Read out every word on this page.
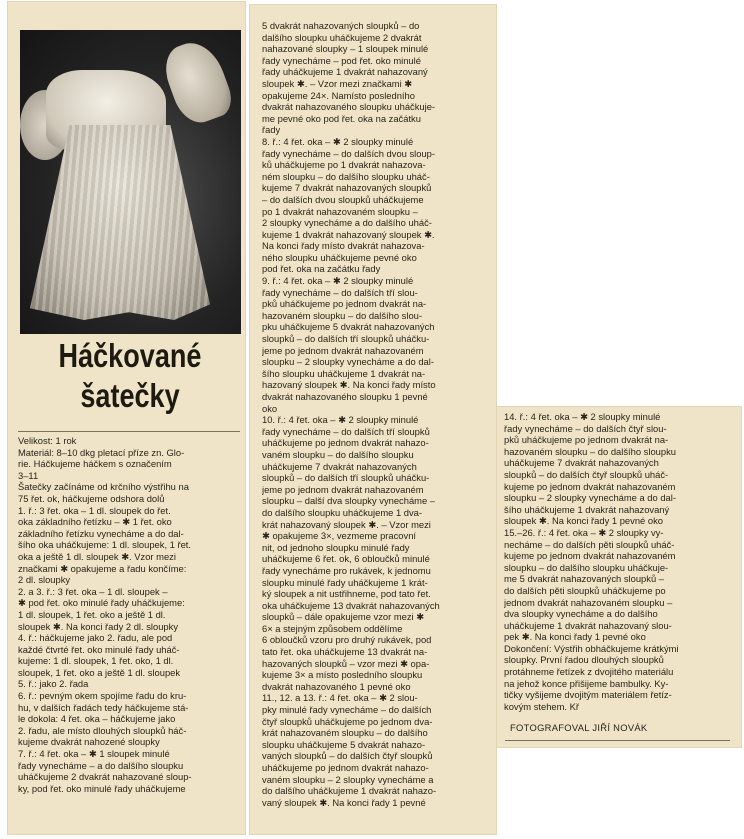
Háčkované
šatečky
Velikost: 1 rok
Materiál: 8–10 dkg pletací příze zn. Glo-
rie. Háčkujeme háčkem s označením
3–11
Šatečky začínáme od krčního výstřihu na
75 řet. ok, háčkujeme odshora dolů
1. ř.: 3 řet. oka – 1 dl. sloupek do řet.
oka základního řetízku – ✱ 1 řet. oko
základního řetízku vynecháme a do dal-
šího oka uháčkujeme: 1 dl. sloupek, 1 řet.
oka a ještě 1 dl. sloupek ✱. Vzor mezi
značkami ✱ opakujeme a řadu končíme:
2 dl. sloupky
2. a 3. ř.: 3 řet. oka – 1 dl. sloupek –
✱ pod řet. oko minulé řady uháčkujeme:
1 dl. sloupek, 1 řet. oko a ještě 1 dl.
sloupek ✱. Na konci řady 2 dl. sloupky
4. ř.: háčkujeme jako 2. řadu, ale pod
každé čtvrté řet. oko minulé řady uháč-
kujeme: 1 dl. sloupek, 1 řet. oko, 1 dl.
sloupek, 1 řet. oko a ještě 1 dl. sloupek
5. ř.: jako 2. řada
6. ř.: pevným okem spojíme řadu do kru-
hu, v dalších řadách tedy háčkujeme stá-
le dokola: 4 řet. oka – háčkujeme jako
2. řadu, ale místo dlouhých sloupků háč-
kujeme dvakrát nahozené sloupky
7. ř.: 4 řet. oka – ✱ 1 sloupek minulé
řady vynecháme – a do dalšího sloupku
uháčkujeme 2 dvakrát nahazované sloup-
ky, pod řet. oko minulé řady uháčkujeme
5 dvakrát nahazovaných sloupků – do
dalšího sloupku uháčkujeme 2 dvakrát
nahazované sloupky – 1 sloupek minulé
řady vynecháme – pod řet. oko minulé
řady uháčkujeme 1 dvakrát nahazovaný
sloupek ✱. – Vzor mezi značkami ✱
opakujeme 24×. Namísto posledního
dvakrát nahazovaného sloupku uháčkuje-
me pevné oko pod řet. oka na začátku
řady
8. ř.: 4 řet. oka – ✱ 2 sloupky minulé
řady vynecháme – do dalších dvou sloup-
ků uháčkujeme po 1 dvakrát nahazova-
ném sloupku – do dalšího sloupku uháč-
kujeme 7 dvakrát nahazovaných sloupků
– do dalších dvou sloupků uháčkujeme
po 1 dvakrát nahazovaném sloupku –
2 sloupky vynecháme a do dalšího uháč-
kujeme 1 dvakrát nahazovaný sloupek ✱.
Na konci řady místo dvakrát nahazova-
ného sloupku uháčkujeme pevné oko
pod řet. oka na začátku řady
9. ř.: 4 řet. oka – ✱ 2 sloupky minulé
řady vynecháme – do dalších tří slou-
pků uháčkujeme po jednom dvakrát na-
hazovaném sloupku – do dalšího slou-
pku uháčkujeme 5 dvakrát nahazovaných
sloupků – do dalších tří sloupků uháčku-
jeme po jednom dvakrát nahazovaném
sloupku – 2 sloupky vynecháme a do dal-
šího sloupku uháčkujeme 1 dvakrát na-
hazovaný sloupek ✱. Na konci řady místo
dvakrát nahazovaného sloupku 1 pevné
oko
10. ř.: 4 řet. oka – ✱ 2 sloupky minulé
řady vynecháme – do dalších tří sloupků
uháčkujeme po jednom dvakrát nahazo-
vaném sloupku – do dalšího sloupku
uháčkujeme 7 dvakrát nahazovaných
sloupků – do dalších tří sloupků uháčku-
jeme po jednom dvakrát nahazovaném
sloupku – další dva sloupky vynecháme –
do dalšího sloupku uháčkujeme 1 dva-
krát nahazovaný sloupek ✱. – Vzor mezi
✱ opakujeme 3×, vezmeme pracovní
nit, od jednoho sloupku minulé řady
uháčkujeme 6 řet. ok, 6 obloučků minulé
řady vynecháme pro rukávek, k jednomu
sloupku minulé řady uháčkujeme 1 krát-
ký sloupek a nit ustřihneme, pod tato řet.
oka uháčkujeme 13 dvakrát nahazovaných
sloupků – dále opakujeme vzor mezi ✱
6× a stejným způsobem oddělíme
6 obloučků vzoru pro druhý rukávek, pod
tato řet. oka uháčkujeme 13 dvakrát na-
hazovaných sloupků – vzor mezi ✱ opa-
kujeme 3× a místo posledního sloupku
dvakrát nahazovaného 1 pevné oko
11., 12. a 13. ř.: 4 řet. oka – ✱ 2 slou-
pky minulé řady vynecháme – do dalších
čtyř sloupků uháčkujeme po jednom dva-
krát nahazovaném sloupku – do dalšího
sloupku uháčkujeme 5 dvakrát nahazo-
vaných sloupků – do dalších čtyř sloupků
uháčkujeme po jednom dvakrát nahazo-
vaném sloupku – 2 sloupky vynecháme a
do dalšího uháčkujeme 1 dvakrát nahazo-
vaný sloupek ✱. Na konci řady 1 pevné
14. ř.: 4 řet. oka – ✱ 2 sloupky minulé
řady vynecháme – do dalších čtyř slou-
pků uháčkujeme po jednom dvakrát na-
hazovaném sloupku – do dalšího sloupku
uháčkujeme 7 dvakrát nahazovaných
sloupků – do dalších čtyř sloupků uháč-
kujeme po jednom dvakrát nahazovaném
sloupku – 2 sloupky vynecháme a do dal-
šího uháčkujeme 1 dvakrát nahazovaný
sloupek ✱. Na konci řady 1 pevné oko
15.–26. ř.: 4 řet. oka – ✱ 2 sloupky vy-
necháme – do dalších pěti sloupků uháč-
kujeme po jednom dvakrát nahazovaném
sloupku – do dalšího sloupku uháčkuje-
me 5 dvakrát nahazovaných sloupků –
do dalších pěti sloupků uháčkujeme po
jednom dvakrát nahazovaném sloupku –
dva sloupky vynecháme a do dalšího
uháčkujeme 1 dvakrát nahazovaný slou-
pek ✱. Na konci řady 1 pevné oko
Dokončení: Výstřih obháčkujeme krátkými
sloupky. První řadou dlouhých sloupků
protáhneme řetízek z dvojitého materiálu
na jehož konce přišijeme bambulky. Ky-
tičky vyšijeme dvojitým materiálem řetíz-
kovým stehem. Kř
FOTOGRAFOVAL JIŘÍ NOVÁK
